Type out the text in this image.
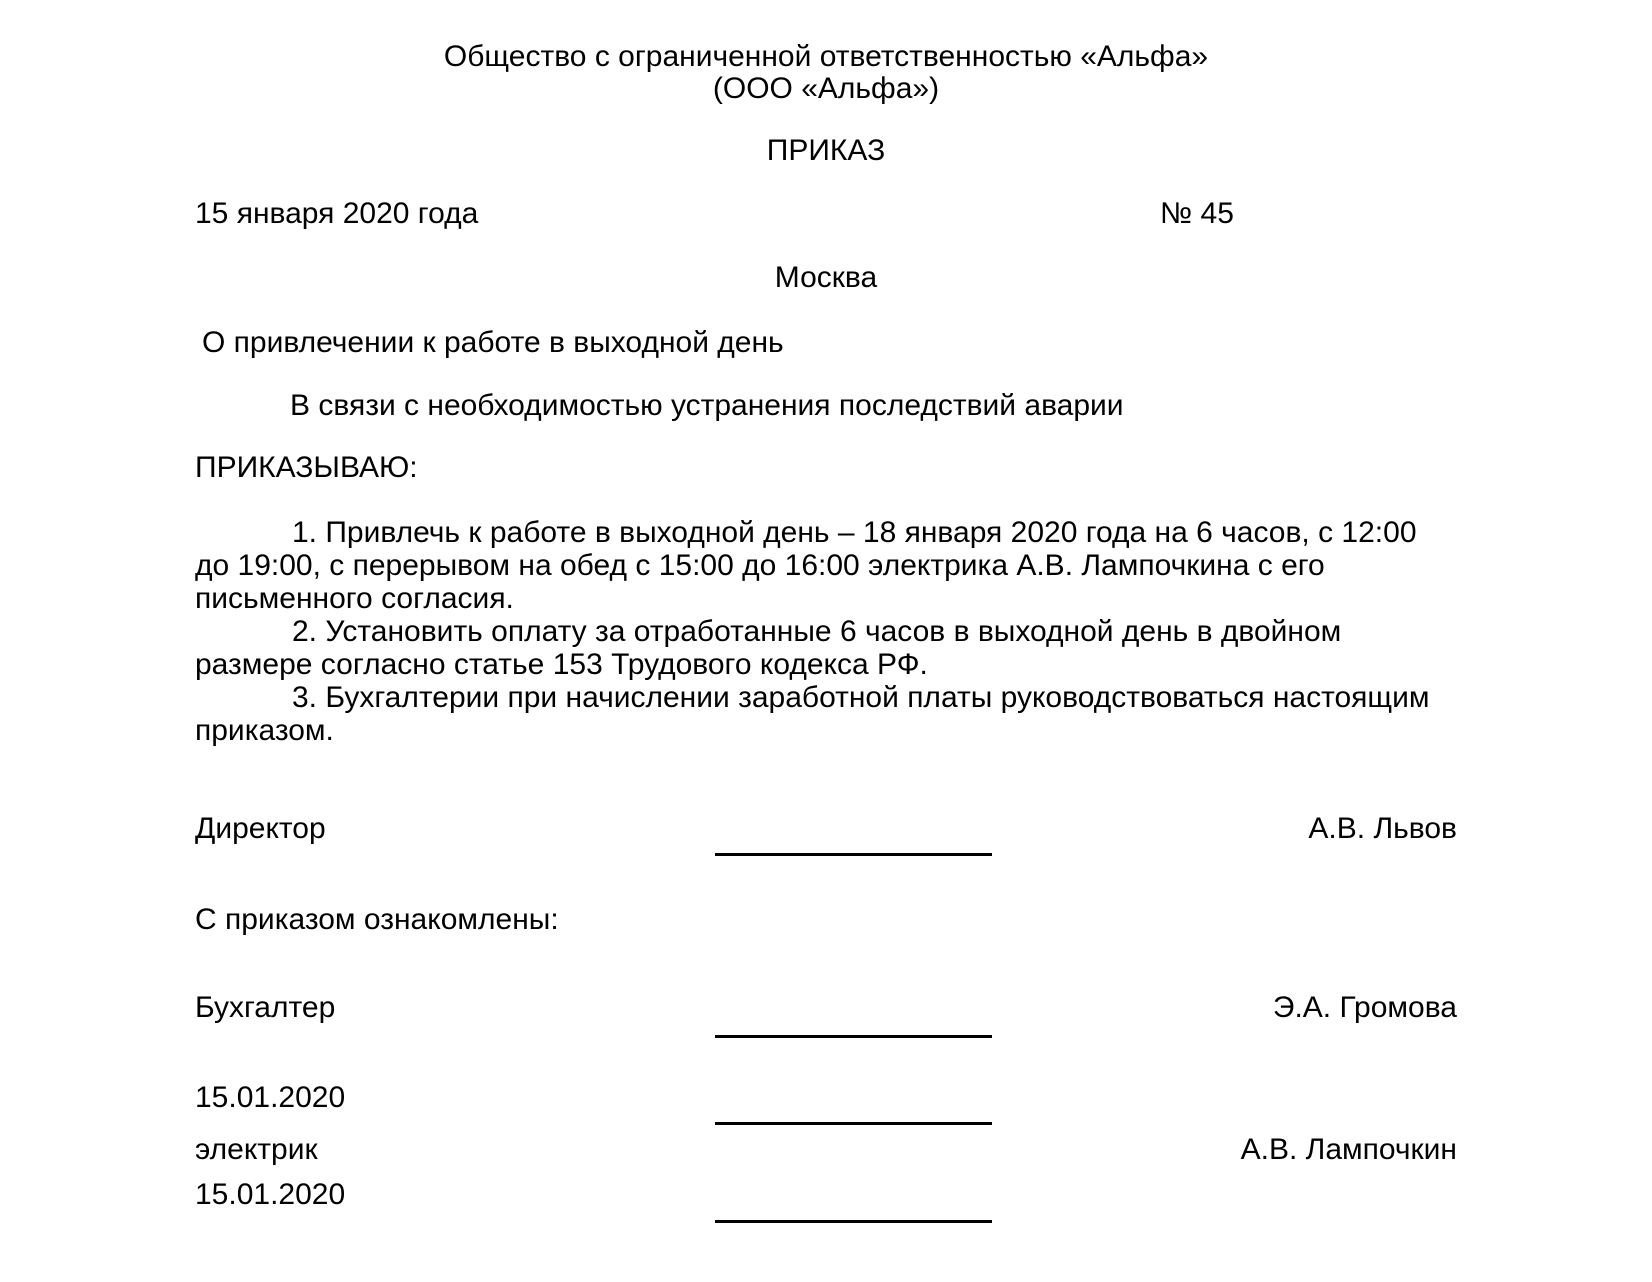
Общество с ограниченной ответственностью «Альфа»
(ООО «Альфа»)
ПРИКАЗ
15 января 2020 года	№ 45
Москва
О привлечении к работе в выходной день
В связи с необходимостью устранения последствий аварии
ПРИКАЗЫВАЮ:

1. Привлечь к работе в выходной день – 18 января 2020 года на 6 часов, с 12:00 до 19:00, с перерывом на обед с 15:00 до 16:00 электрика А.В. Лампочкина с его письменного согласия.

2. Установить оплату за отработанные 6 часов в выходной день в двойном размере согласно статье 153 Трудового кодекса РФ.

3. Бухгалтерии при начислении заработной платы руководствоваться настоящим приказом.

Директор	А.В. Львов
С приказом ознакомлены:
Бухгалтер	Э.А. Громова
15.01.2020
электрик	А.В. Лампочкин
15.01.2020
